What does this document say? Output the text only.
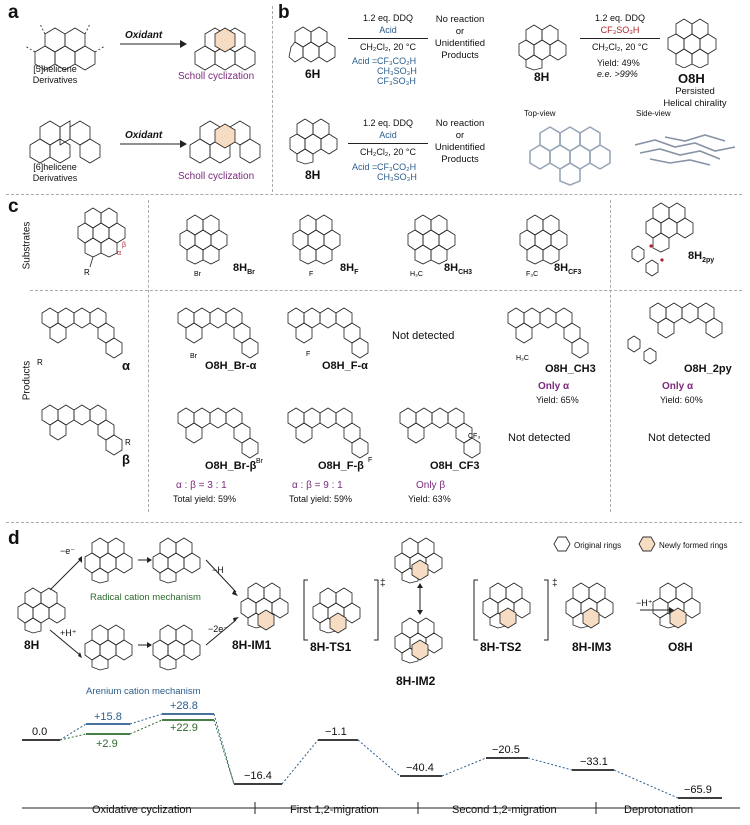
a
[5]helicene
Derivatives
Oxidant
Scholl cyclization
[6]helicene
Derivatives
Oxidant
Scholl cyclization
b
6H
1.2 eq. DDQ
Acid
CH₂Cl₂, 20 °C
Acid = CF₃CO₂H
CH₃SO₃H
CF₃SO₃H
No reaction
or
Unidentified
Products
8H
1.2 eq. DDQ
Acid
CH₂Cl₂, 20 °C
Acid = CF₃CO₂H
CH₃SO₃H
No reaction
or
Unidentified
Products
8H
1.2 eq. DDQ
CF₃SO₃H
CH₂Cl₂, 20 °C
Yield: 49%
e.e. >99%	O8H
Persisted
Helical chirality
Top-view	Side-view
c
Substrates
Products
R
α
β
Br
$8H_{Br}$	F
$8H_F$	H₃C
$8H_{CH3}$	F₃C
$8H_{CF3}$
$8H_{2py}$
R	α
R
β
Br
O8H_Br-α
F
O8H_F-α
Not detected
H₃C
O8H_CH3
Only α
Yield: 65%
O8H_2py
Only α
Yield: 60%
Br
O8H_Br-β	F
O8H_F-β
CF₃
O8H_CF3
Not detected	Not detected
α : β = 3 : 1
Total yield: 59%
α : β = 9 : 1
Total yield: 59%
Only β
Yield: 63%
d	Original rings	Newly formed rings
−e⁻
+H⁺
−H
−2e⁻
−H⁺
8H
Radical cation mechanism
Arenium cation mechanism
8H-IM1	8H-TS1
‡
8H-IM2
8H-TS2
‡
8H-IM3	O8H
0.0
+15.8
+2.9
+28.8
+22.9
−16.4
−1.1
−40.4
−20.5
−33.1
−65.9
Oxidative cyclization	First 1,2-migration	Second 1,2-migration	Deprotonation
